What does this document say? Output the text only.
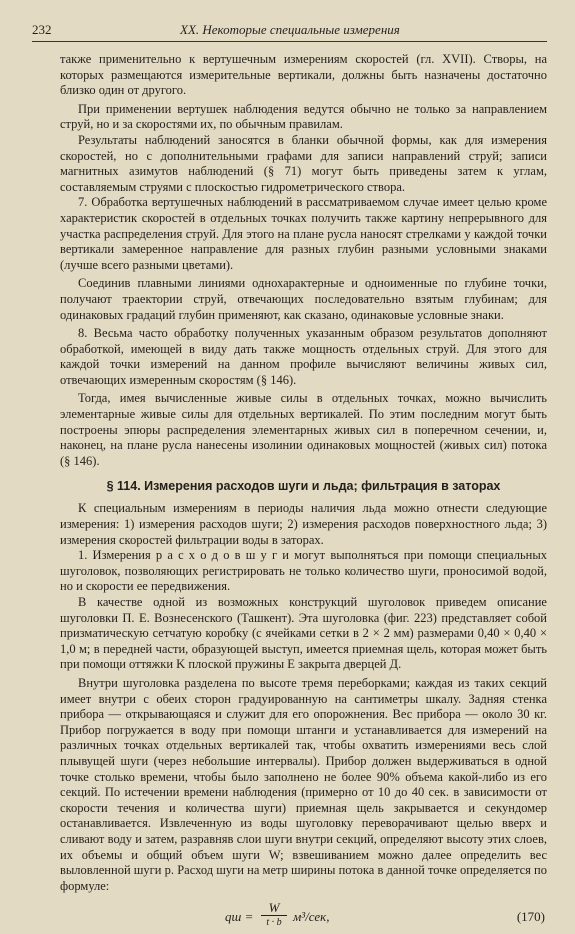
232	XX. Некоторые специальные измерения

также применительно к вертушечным измерениям скоростей (гл. XVII). Створы, на которых размещаются измерительные вертикали, должны быть назначены достаточно близко один от другого.

При применении вертушек наблюдения ведутся обычно не только за направлением струй, но и за скоростями их, по обычным правилам.

Результаты наблюдений заносятся в бланки обычной формы, как для измерения скоростей, но с дополнительными графами для записи направлений струй; записи магнитных азимутов наблюдений (§ 71) могут быть приведены затем к углам, составляемым струями с плоскостью гидрометрического створа.

7. Обработка вертушечных наблюдений в рассматриваемом случае имеет целью кроме характеристик скоростей в отдельных точках получить также картину непрерывного для участка распределения струй. Для этого на плане русла наносят стрелками у каждой точки вертикали замеренное направление для разных глубин разными условными знаками (лучше всего разными цветами).

Соединив плавными линиями однохарактерные и одноименные по глубине точки, получают траектории струй, отвечающих последовательно взятым глубинам; для одинаковых градаций глубин применяют, как сказано, одинаковые условные знаки.

8. Весьма часто обработку полученных указанным образом результатов дополняют обработкой, имеющей в виду дать также мощность отдельных струй. Для этого для каждой точки измерений на данном профиле вычисляют величины живых сил, отвечающих измеренным скоростям (§ 146).

Тогда, имея вычисленные живые силы в отдельных точках, можно вычислить элементарные живые силы для отдельных вертикалей. По этим последним могут быть построены эпюры распределения элементарных живых сил в поперечном сечении, и, наконец, на плане русла нанесены изолинии одинаковых мощностей (живых сил) потока (§ 146).

§ 114. Измерения расходов шуги и льда; фильтрация в заторах

К специальным измерениям в периоды наличия льда можно отнести следующие измерения: 1) измерения расходов шуги; 2) измерения расходов поверхностного льда; 3) измерения скоростей фильтрации воды в заторах.

1. Измерения р а с х о д о в ш у г и могут выполняться при помощи специальных шуголовок, позволяющих регистрировать не только количество шуги, проносимой водой, но и скорости ее передвижения.

В качестве одной из возможных конструкций шуголовок приведем описание шуголовки П. Е. Вознесенского (Ташкент). Эта шуголовка (фиг. 223) представляет собой призматическую сетчатую коробку (с ячейками сетки в 2 × 2 мм) размерами 0,40 × 0,40 × 1,0 м; в передней части, образующей выступ, имеется приемная щель, которая может быть при помощи оттяжки K плоской пружины E закрыта дверцей Д.

Внутри шуголовка разделена по высоте тремя переборками; каждая из таких секций имеет внутри с обеих сторон градуированную на сантиметры шкалу. Задняя стенка прибора — открывающаяся и служит для его опорожнения. Вес прибора — около 30 кг. Прибор погружается в воду при помощи штанги и устанавливается для измерений на различных точках отдельных вертикалей так, чтобы охватить измерениями весь слой плывущей шуги (через небольшие интервалы). Прибор должен выдерживаться в одной точке столько времени, чтобы было заполнено не более 90% объема какой-либо из его секций. По истечении времени наблюдения (примерно от 10 до 40 сек. в зависимости от скорости течения и количества шуги) приемная щель закрывается и секундомер останавливается. Извлеченную из воды шуголовку переворачивают щелью вверх и сливают воду и затем, разравняв слои шуги внутри секций, определяют высоту этих слоев, их объемы и общий объем шуги W; взвешиванием можно далее определить вес выловленной шуги p. Расход шуги на метр ширины потока в данной точке определяется по формуле:

qш =
W
t · b м³/сек,	(170)
